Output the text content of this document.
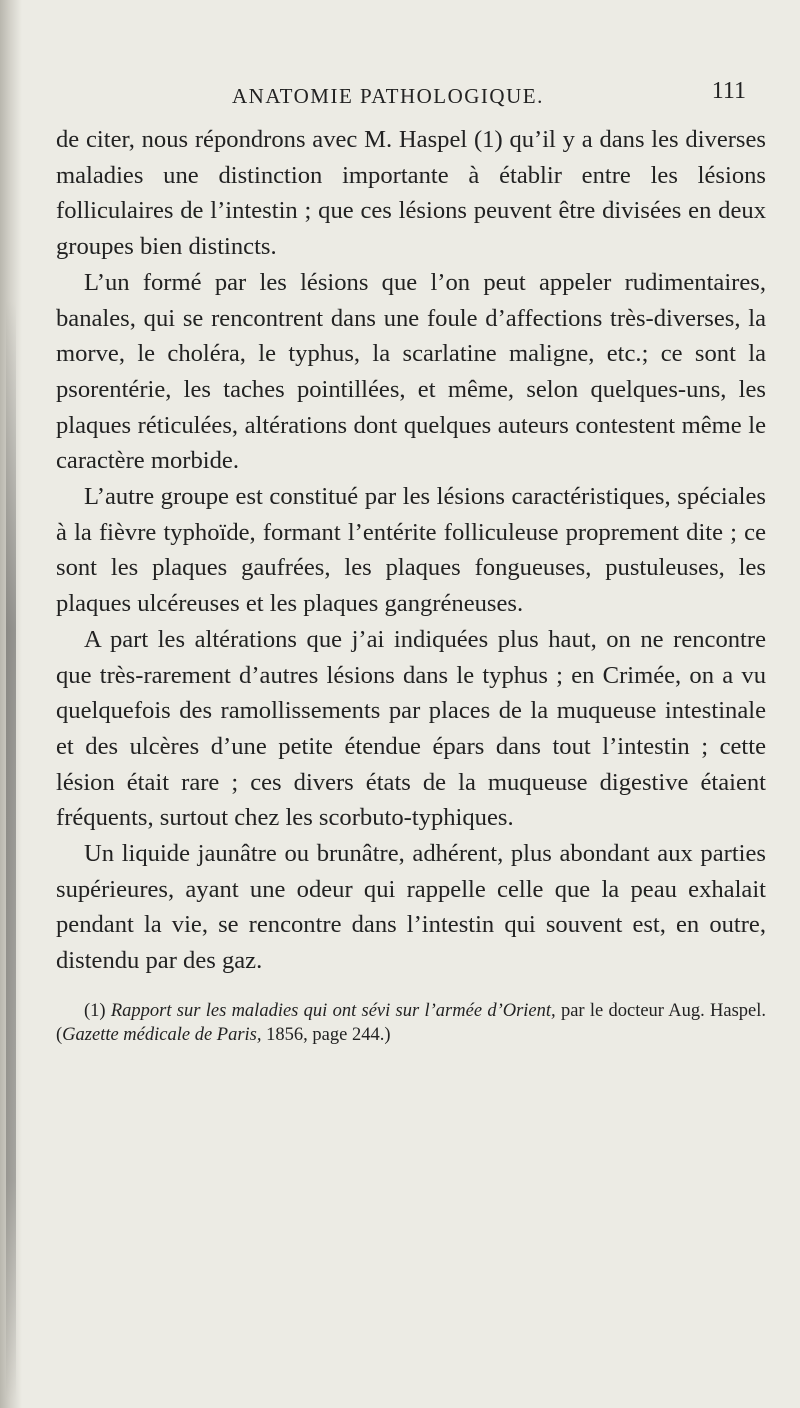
ANATOMIE PATHOLOGIQUE.	111

de citer, nous répondrons avec M. Haspel (1) qu’il y a dans les diverses maladies une distinction importante à établir entre les lésions folliculaires de l’intestin ; que ces lésions peuvent être divisées en deux groupes bien distincts.

L’un formé par les lésions que l’on peut appeler rudimentaires, banales, qui se rencontrent dans une foule d’affections très-diverses, la morve, le choléra, le typhus, la scarlatine maligne, etc.; ce sont la psorentérie, les taches pointillées, et même, selon quelques-uns, les plaques réticulées, altérations dont quelques auteurs contestent même le caractère morbide.

L’autre groupe est constitué par les lésions caractéristiques, spéciales à la fièvre typhoïde, formant l’entérite folliculeuse proprement dite ; ce sont les plaques gaufrées, les plaques fongueuses, pustuleuses, les plaques ulcéreuses et les plaques gangréneuses.

A part les altérations que j’ai indiquées plus haut, on ne rencontre que très-rarement d’autres lésions dans le typhus ; en Crimée, on a vu quelquefois des ramollissements par places de la muqueuse intestinale et des ulcères d’une petite étendue épars dans tout l’intestin ; cette lésion était rare ; ces divers états de la muqueuse digestive étaient fréquents, surtout chez les scorbuto-typhiques.

Un liquide jaunâtre ou brunâtre, adhérent, plus abondant aux parties supérieures, ayant une odeur qui rappelle celle que la peau exhalait pendant la vie, se rencontre dans l’intestin qui souvent est, en outre, distendu par des gaz.

(1) Rapport sur les maladies qui ont sévi sur l’armée d’Orient, par le docteur Aug. Haspel. (Gazette médicale de Paris, 1856, page 244.)
